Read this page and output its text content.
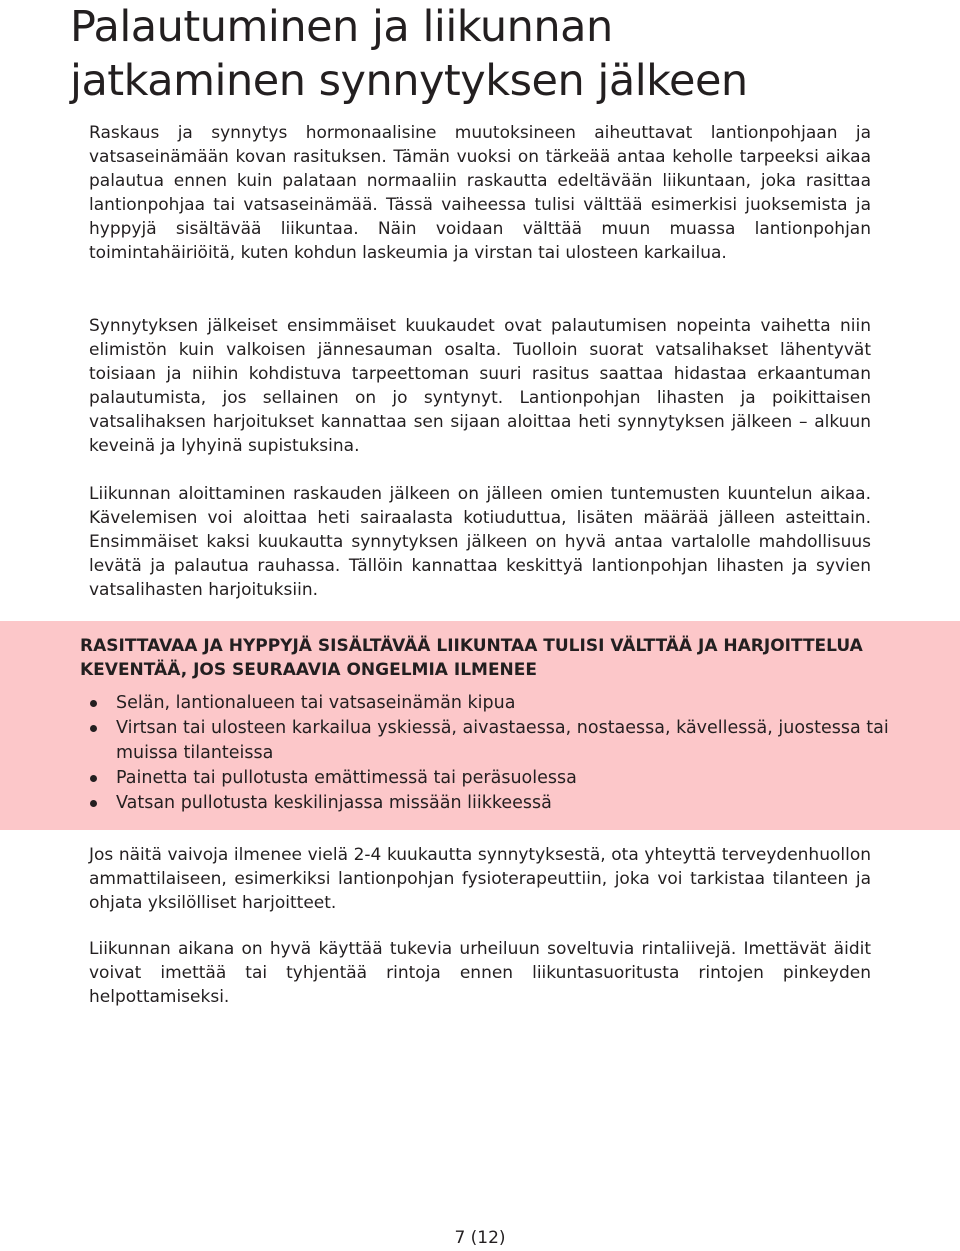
Palautuminen ja liikunnan
jatkaminen synnytyksen jälkeen

Raskaus ja synnytys hormonaalisine muutoksineen aiheuttavat lantionpohjaan ja vatsaseinämään kovan rasituksen. Tämän vuoksi on tärkeää antaa keholle tarpeeksi aikaa palautua ennen kuin palataan normaaliin raskautta edeltävään liikuntaan, joka rasittaa lantionpohjaa tai vatsaseinämää. Tässä vaiheessa tulisi välttää esimerkisi juoksemista ja hyppyjä sisältävää liikuntaa. Näin voidaan välttää muun muassa lantionpohjan toimintahäiriöitä, kuten kohdun laskeumia ja virstan tai ulosteen karkailua.

Synnytyksen jälkeiset ensimmäiset kuukaudet ovat palautumisen nopeinta vaihetta niin elimistön kuin valkoisen jännesauman osalta. Tuolloin suorat vatsalihakset lähentyvät toisiaan ja niihin kohdistuva tarpeettoman suuri rasitus saattaa hidastaa erkaantuman palautumista, jos sellainen on jo syntynyt. Lantionpohjan lihasten ja poikittaisen vatsalihaksen harjoitukset kannattaa sen sijaan aloittaa heti synnytyksen jälkeen – alkuun keveinä ja lyhyinä supistuksina.

Liikunnan aloittaminen raskauden jälkeen on jälleen omien tuntemusten kuuntelun aikaa. Kävelemisen voi aloittaa heti sairaalasta kotiuduttua, lisäten määrää jälleen asteittain. Ensimmäiset kaksi kuukautta synnytyksen jälkeen on hyvä antaa vartalolle mahdollisuus levätä ja palautua rauhassa. Tällöin kannattaa keskittyä lantionpohjan lihasten ja syvien vatsalihasten harjoituksiin.

RASITTAVAA JA HYPPYJÄ SISÄLTÄVÄÄ LIIKUNTAA TULISI VÄLTTÄÄ JA HARJOITTELUA KEVENTÄÄ, JOS SEURAAVIA ONGELMIA ILMENEE
Selän, lantionalueen tai vatsaseinämän kipua
Virtsan tai ulosteen karkailua yskiessä, aivastaessa, nostaessa, kävellessä, juostessa tai muissa tilanteissa
Painetta tai pullotusta emättimessä tai peräsuolessa
Vatsan pullotusta keskilinjassa missään liikkeessä

Jos näitä vaivoja ilmenee vielä 2-4 kuukautta synnytyksestä, ota yhteyttä terveydenhuollon ammattilaiseen, esimerkiksi lantionpohjan fysioterapeuttiin, joka voi tarkistaa tilanteen ja ohjata yksilölliset harjoitteet.

Liikunnan aikana on hyvä käyttää tukevia urheiluun soveltuvia rintaliivejä. Imettävät äidit voivat imettää tai tyhjentää rintoja ennen liikuntasuoritusta rintojen pinkeyden helpottamiseksi.

7 (12)
